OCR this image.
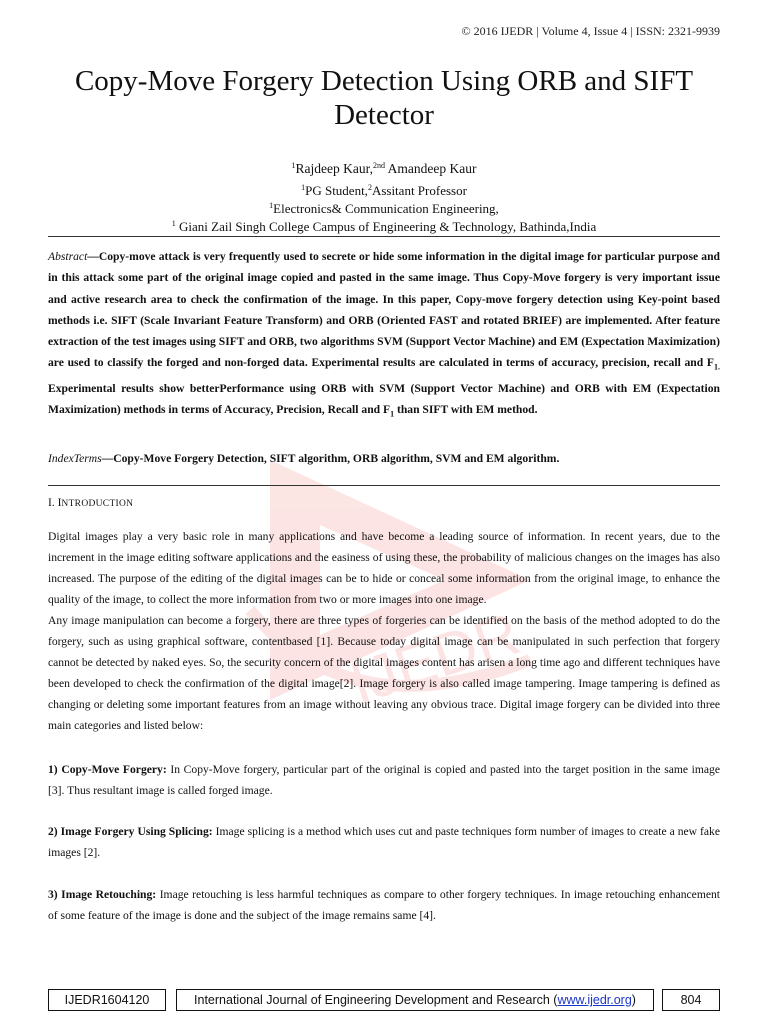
IJEDR
© 2016 IJEDR | Volume 4, Issue 4 | ISSN: 2321-9939
Copy-Move Forgery Detection Using ORB and SIFT
Detector
$^1$Rajdeep Kaur,$^{2nd}$ Amandeep Kaur
$^1$PG Student,$^2$Assitant Professor
$^1$Electronics& Communication Engineering,
$^1$ Giani Zail Singh College Campus of Engineering & Technology, Bathinda,India
Abstract—Copy-move attack is very frequently used to secrete or hide some information in the digital image for particular purpose and in this attack some part of the original image copied and pasted in the same image. Thus Copy-Move forgery is very important issue and active research area to check the confirmation of the image. In this paper, Copy-move forgery detection using Key-point based methods i.e. SIFT (Scale Invariant Feature Transform) and ORB (Oriented FAST and rotated BRIEF) are implemented. After feature extraction of the test images using SIFT and ORB, two algorithms SVM (Support Vector Machine) and EM (Expectation Maximization) are used to classify the forged and non-forged data. Experimental results are calculated in terms of accuracy, precision, recall and $F_{1.}$ Experimental results show betterPerformance using ORB with SVM (Support Vector Machine) and ORB with EM (Expectation Maximization) methods in terms of Accuracy, Precision, Recall and $F_1$ than SIFT with EM method.
IndexTerms—Copy-Move Forgery Detection, SIFT algorithm, ORB algorithm, SVM and EM algorithm.
I. INTRODUCTION

Digital images play a very basic role in many applications and have become a leading source of information. In recent years, due to the increment in the image editing software applications and the easiness of using these, the probability of malicious changes on the images has also increased. The purpose of the editing of the digital images can be to hide or conceal some information from the original image, to enhance the quality of the image, to collect the more information from two or more images into one image.

Any image manipulation can become a forgery, there are three types of forgeries can be identified on the basis of the method adopted to do the forgery, such as using graphical software, contentbased [1]. Because today digital image can be manipulated in such perfection that forgery cannot be detected by naked eyes. So, the security concern of the digital images content has arisen a long time ago and different techniques have been developed to check the confirmation of the digital image[2]. Image forgery is also called image tampering. Image tampering is defined as changing or deleting some important features from an image without leaving any obvious trace. Digital image forgery can be divided into three main categories and listed below:

1) Copy-Move Forgery: In Copy-Move forgery, particular part of the original is copied and pasted into the target position in the same image [3]. Thus resultant image is called forged image.

2) Image Forgery Using Splicing: Image splicing is a method which uses cut and paste techniques form number of images to create a new fake images [2].

3) Image Retouching: Image retouching is less harmful techniques as compare to other forgery techniques. In image retouching enhancement of some feature of the image is done and the subject of the image remains same [4].

IJEDR1604120	International Journal of Engineering Development and Research (www.ijedr.org)	804
